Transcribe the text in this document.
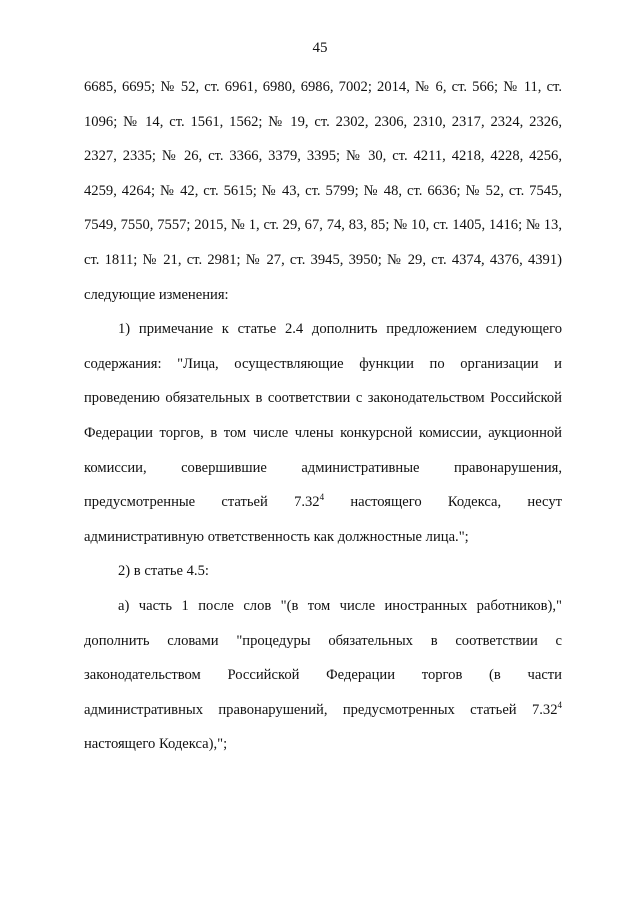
45

6685, 6695; № 52, ст. 6961, 6980, 6986, 7002; 2014, № 6, ст. 566; № 11, ст. 1096; № 14, ст. 1561, 1562; № 19, ст. 2302, 2306, 2310, 2317, 2324, 2326, 2327, 2335; № 26, ст. 3366, 3379, 3395; № 30, ст. 4211, 4218, 4228, 4256, 4259, 4264; № 42, ст. 5615; № 43, ст. 5799; № 48, ст. 6636; № 52, ст. 7545, 7549, 7550, 7557; 2015, № 1, ст. 29, 67, 74, 83, 85; № 10, ст. 1405, 1416; № 13, ст. 1811; № 21, ст. 2981; № 27, ст. 3945, 3950; № 29, ст. 4374, 4376, 4391) следующие изменения:

1) примечание к статье 2.4 дополнить предложением следующего содержания: "Лица, осуществляющие функции по организации и проведению обязательных в соответствии с законодательством Российской Федерации торгов, в том числе члены конкурсной комиссии, аукционной комиссии, совершившие административные правонарушения, предусмотренные статьей 7.32$^4$ настоящего Кодекса, несут административную ответственность как должностные лица.";

2) в статье 4.5:

а) часть 1 после слов "(в том числе иностранных работников)," дополнить словами "процедуры обязательных в соответствии с законодательством Российской Федерации торгов (в части административных правонарушений, предусмотренных статьей 7.32$^4$ настоящего Кодекса),";
